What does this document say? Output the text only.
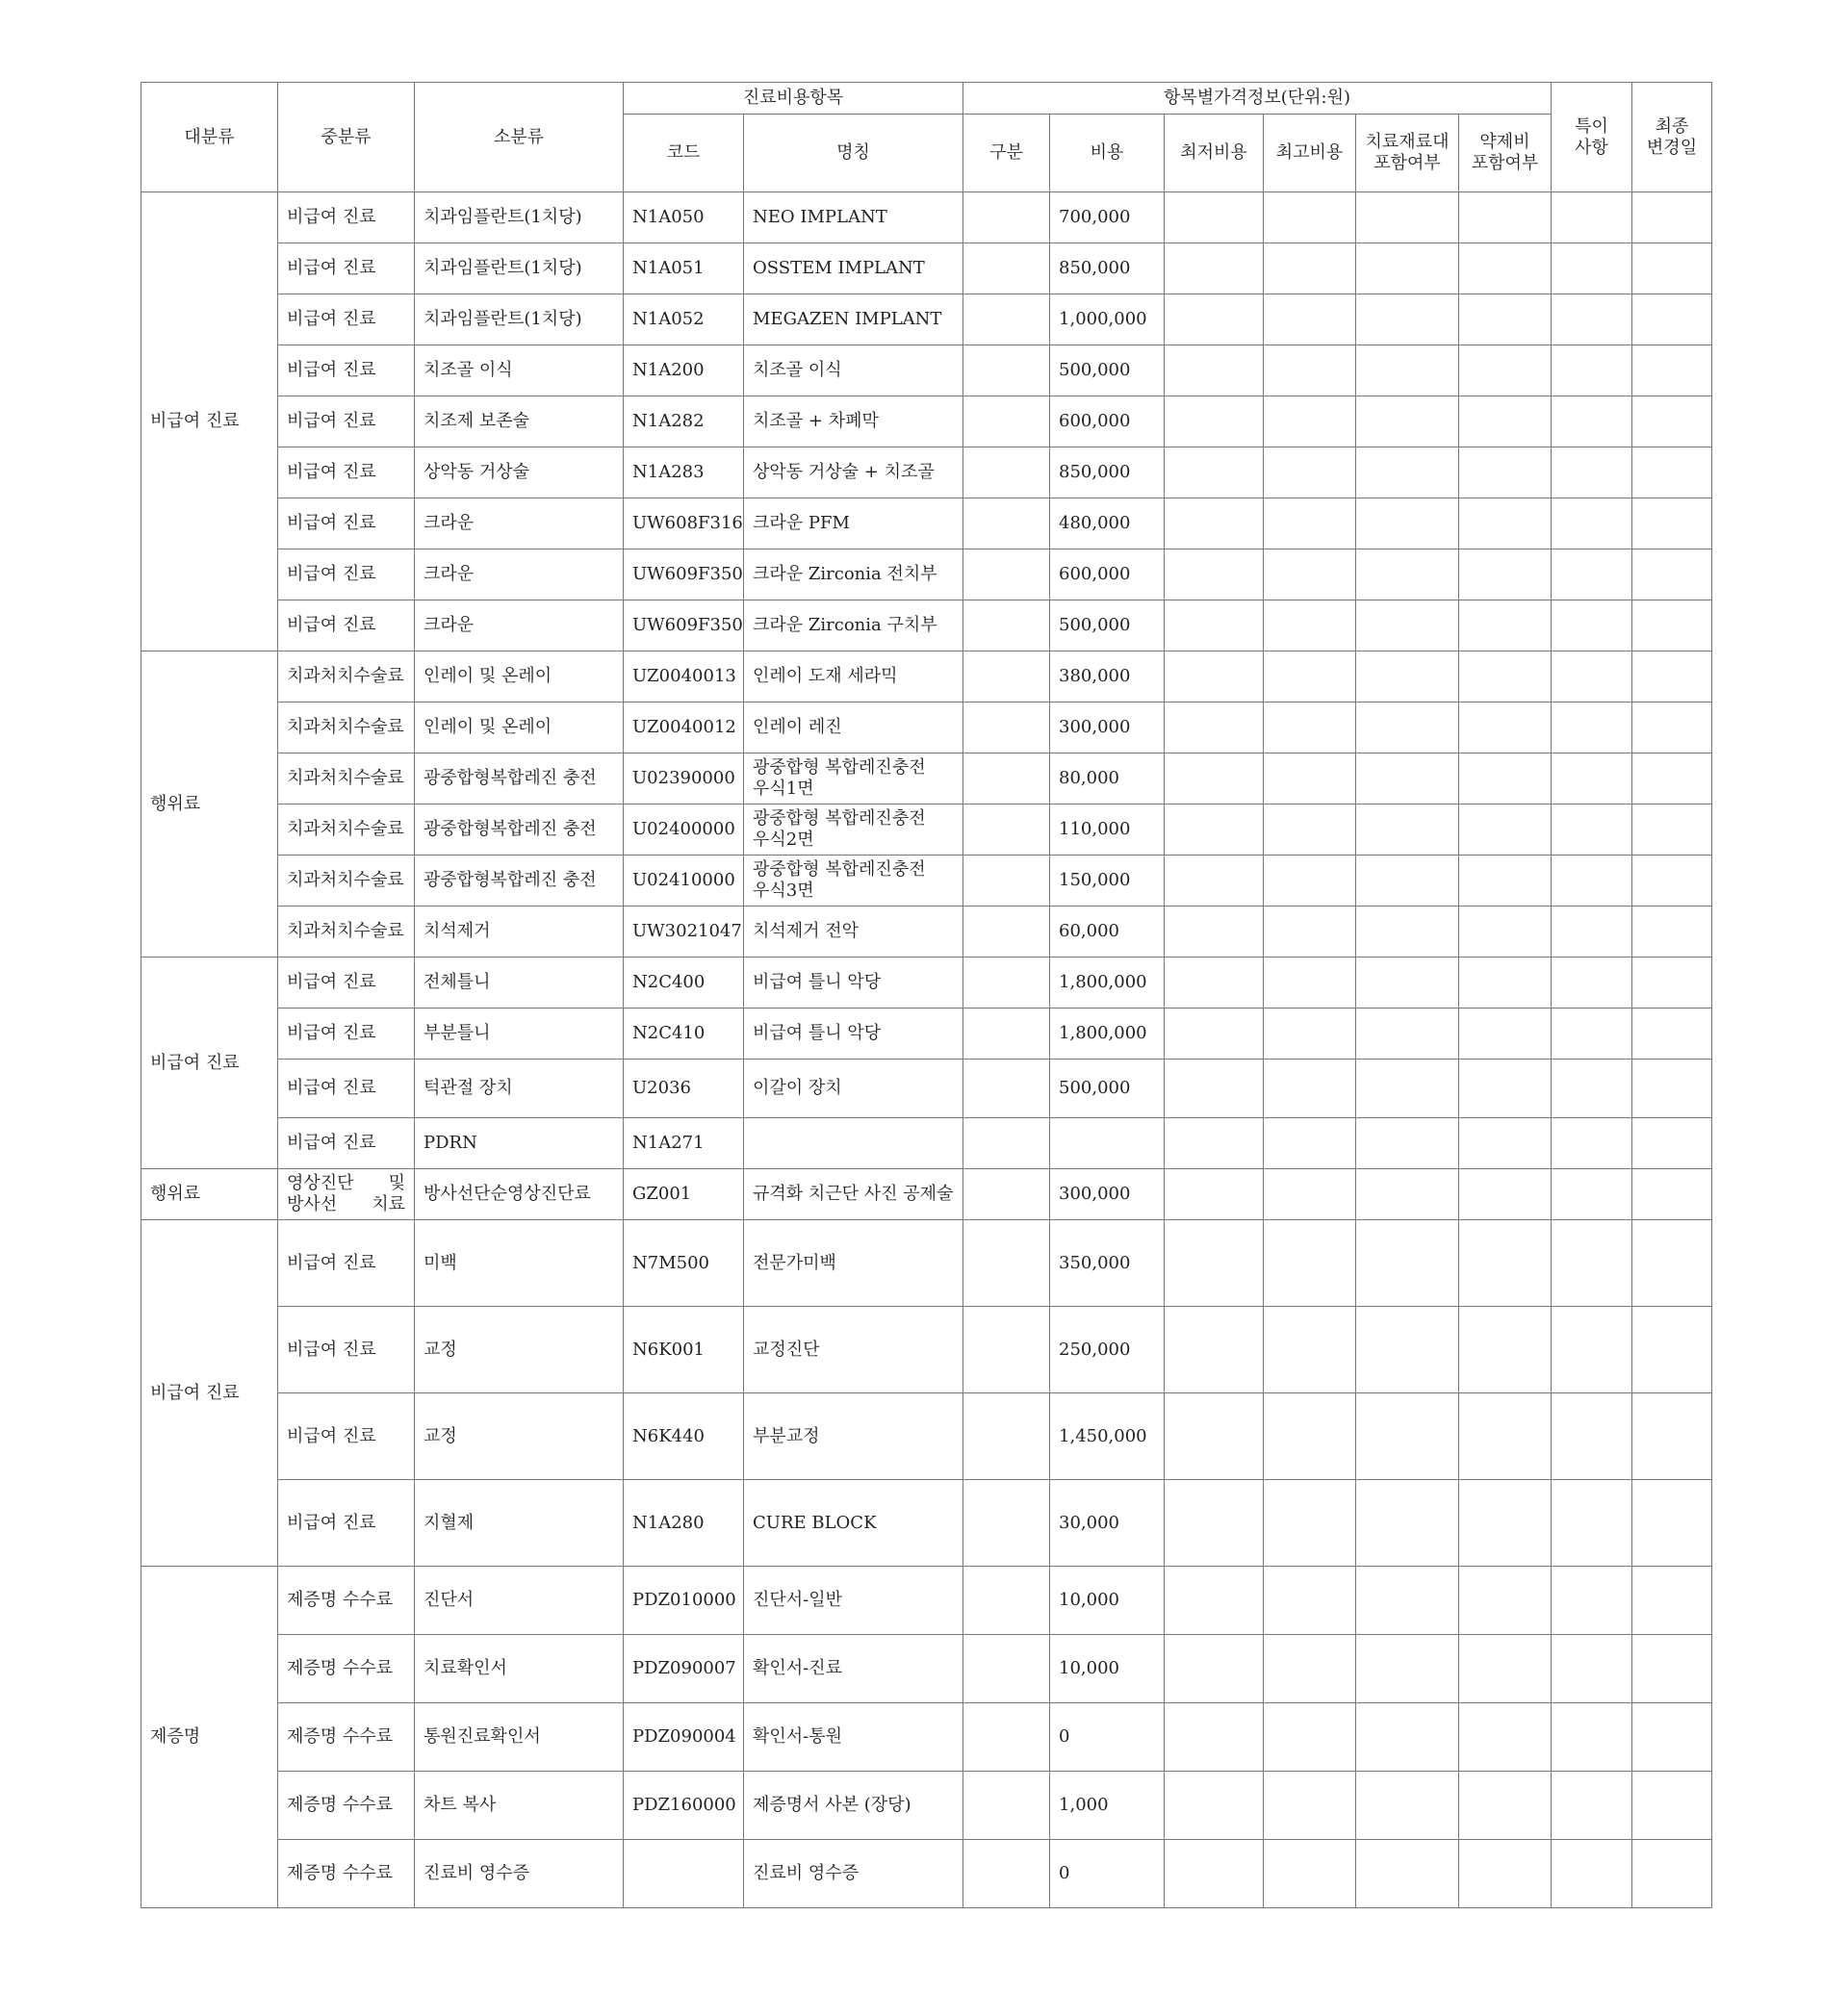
대분류	중분류	소분류	진료비용항목		항목별가격정보(단위:원)						특이 사항	최종 변경일
			코드	명칭	구분	비용	최저비용	최고비용	치료재료대포함여부	약제비 포함여부		
비급여 진료	비급여 진료	치과임플란트(1치당)	N1A050	NEO IMPLANT		700,000						
	비급여 진료	치과임플란트(1치당)	N1A051	OSSTEM IMPLANT		850,000						
	비급여 진료	치과임플란트(1치당)	N1A052	MEGAZEN IMPLANT		1,000,000						
	비급여 진료	치조골 이식	N1A200	치조골 이식		500,000						
	비급여 진료	치조제 보존술	N1A282	치조골 + 차폐막		600,000						
	비급여 진료	상악동 거상술	N1A283	상악동 거상술 + 치조골		850,000						
	비급여 진료	크라운	UW608F316	크라운 PFM		480,000						
	비급여 진료	크라운	UW609F350	크라운 Zirconia 전치부		600,000						
	비급여 진료	크라운	UW609F350	크라운 Zirconia 구치부		500,000						
행위료	치과처치수술료	인레이 및 온레이	UZ0040013	인레이 도재 세라믹		380,000						
	치과처치수술료	인레이 및 온레이	UZ0040012	인레이 레진		300,000						
	치과처치수술료	광중합형복합레진 충전	U02390000	광중합형 복합레진충전 우식1면		80,000						
	치과처치수술료	광중합형복합레진 충전	U02400000	광중합형 복합레진충전 우식2면		110,000						
	치과처치수술료	광중합형복합레진 충전	U02410000	광중합형 복합레진충전 우식3면		150,000						
	치과처치수술료	치석제거	UW3021047	치석제거 전악		60,000						
비급여 진료	비급여 진료	전체틀니	N2C400	비급여 틀니 악당		1,800,000						
	비급여 진료	부분틀니	N2C410	비급여 틀니 악당		1,800,000						
	비급여 진료	턱관절 장치	U2036	이갈이 장치		500,000						
	비급여 진료	PDRN	N1A271									
행위료	영상진단 및 방사선 치료	방사선단순영상진단료	GZ001	규격화 치근단 사진 공제술		300,000						
비급여 진료	비급여 진료	미백	N7M500	전문가미백		350,000						
	비급여 진료	교정	N6K001	교정진단		250,000						
	비급여 진료	교정	N6K440	부분교정		1,450,000						
	비급여 진료	지혈제	N1A280	CURE BLOCK		30,000						
제증명	제증명 수수료	진단서	PDZ010000	진단서-일반		10,000						
	제증명 수수료	치료확인서	PDZ090007	확인서-진료		10,000						
	제증명 수수료	통원진료확인서	PDZ090004	확인서-통원		0						
	제증명 수수료	차트 복사	PDZ160000	제증명서 사본 (장당)		1,000						
	제증명 수수료	진료비 영수증		진료비 영수증		0						
